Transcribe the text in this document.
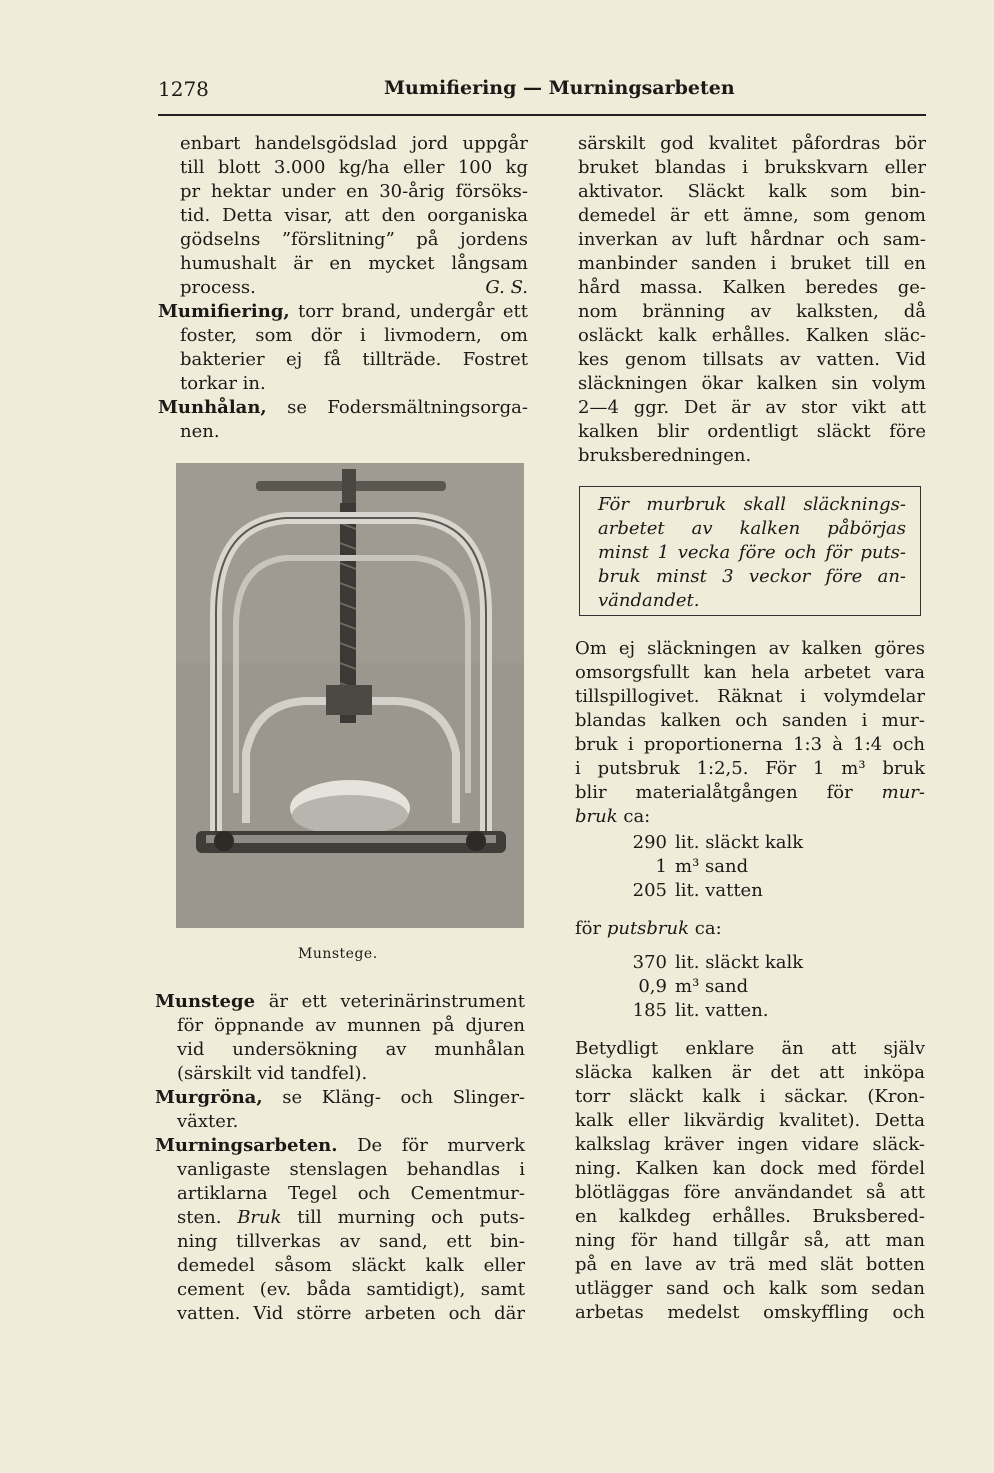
1278	Mumifiering — Murningsarbeten

enbart handelsgödslad jord uppgår
till blott 3.000 kg/ha eller 100 kg
pr hektar under en 30-årig försöks-
tid. Detta visar, att den oorganiska
gödselns ”förslitning” på jordens
humushalt är en mycket långsam
process.	G. S.

Mumifiering, torr brand, undergår ett
foster, som dör i livmodern, om
bakterier ej få tillträde. Fostret
torkar in.

Munhålan, se Fodersmältningsorga-
nen.

Munstege.

Munstege är ett veterinärinstrument
för öppnande av munnen på djuren
vid undersökning av munhålan
(särskilt vid tandfel).

Murgröna, se Kläng- och Slinger-
växter.

Murningsarbeten. De för murverk
vanligaste stenslagen behandlas i
artiklarna Tegel och Cementmur-
sten. Bruk till murning och puts-
ning tillverkas av sand, ett bin-
demedel såsom släckt kalk eller
cement (ev. båda samtidigt), samt
vatten. Vid större arbeten och där

särskilt god kvalitet påfordras bör
bruket blandas i brukskvarn eller
aktivator. Släckt kalk som bin-
demedel är ett ämne, som genom
inverkan av luft hårdnar och sam-
manbinder sanden i bruket till en
hård massa. Kalken beredes ge-
nom bränning av kalksten, då
osläckt kalk erhålles. Kalken släc-
kes genom tillsats av vatten. Vid
släckningen ökar kalken sin volym
2—4 ggr. Det är av stor vikt att
kalken blir ordentligt släckt före
bruksberedningen.

För murbruk skall släcknings-
arbetet av kalken påbörjas
minst 1 vecka före och för puts-
bruk minst 3 veckor före an-
vändandet.

Om ej släckningen av kalken göres
omsorgsfullt kan hela arbetet vara
tillspillogivet. Räknat i volymdelar
blandas kalken och sanden i mur-
bruk i proportionerna 1:3 à 1:4 och
i putsbruk 1:2,5. För 1 m³ bruk
blir materialåtgången för mur-
bruk ca:

290 lit. släckt kalk
1 m³ sand
205 lit. vatten

för putsbruk ca:

370 lit. släckt kalk
0,9 m³ sand
185 lit. vatten.

Betydligt enklare än att själv
släcka kalken är det att inköpa
torr släckt kalk i säckar. (Kron-
kalk eller likvärdig kvalitet). Detta
kalkslag kräver ingen vidare släck-
ning. Kalken kan dock med fördel
blötläggas före användandet så att
en kalkdeg erhålles. Bruksbered-
ning för hand tillgår så, att man
på en lave av trä med slät botten
utlägger sand och kalk som sedan
arbetas medelst omskyffling och
